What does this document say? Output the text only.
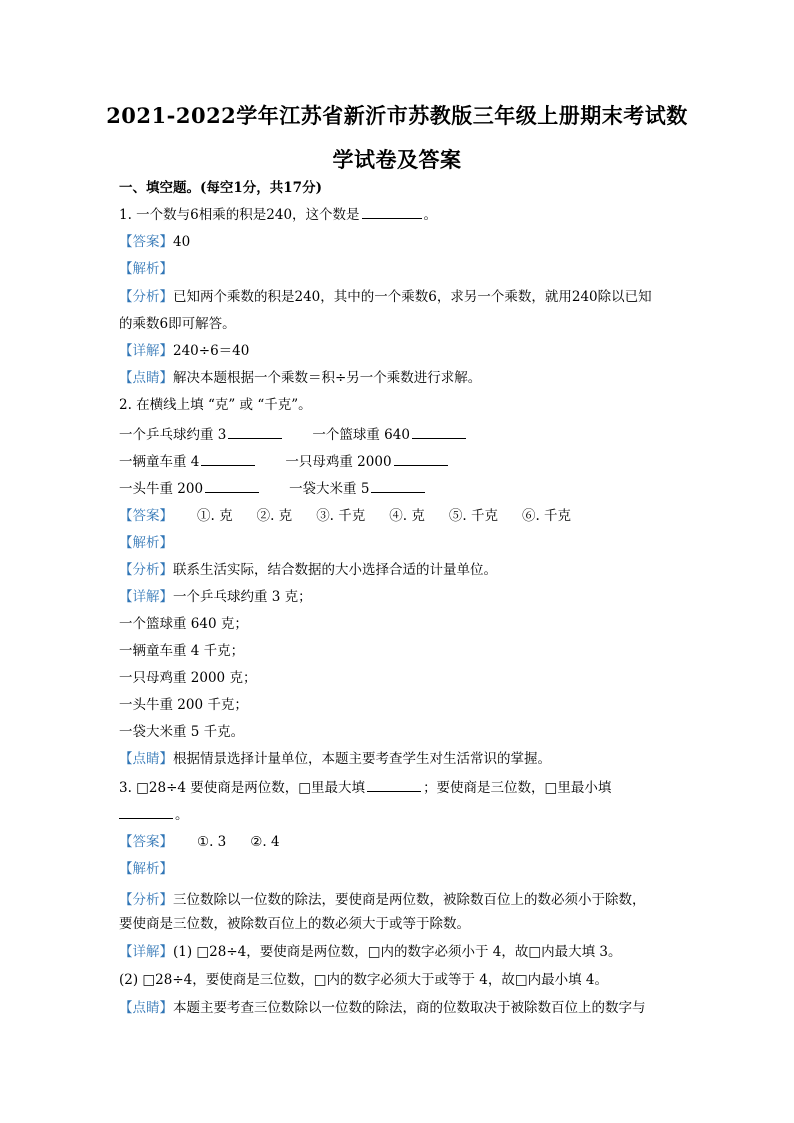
2021-2022学年江苏省新沂市苏教版三年级上册期末考试数
学试卷及答案
一、填空题。(每空1分，共17分)
1. 一个数与6相乘的积是240，这个数是	。
【答案】40
【解析】
【分析】已知两个乘数的积是240，其中的一个乘数6，求另一个乘数，就用240除以已知
的乘数6即可解答。
【详解】240÷6＝40
【点睛】解决本题根据一个乘数＝积÷另一个乘数进行求解。
2. 在横线上填 “克” 或 “千克”。
一个乒乓球约重 3	一个篮球重 640
一辆童车重 4	一只母鸡重 2000
一头牛重 200	一袋大米重 5
【答案】 ①. 克 ②. 克 ③. 千克 ④. 克 ⑤. 千克 ⑥. 千克
【解析】
【分析】联系生活实际，结合数据的大小选择合适的计量单位。
【详解】一个乒乓球约重 3 克；
一个篮球重 640 克；
一辆童车重 4 千克；
一只母鸡重 2000 克；
一头牛重 200 千克；
一袋大米重 5 千克。
【点睛】根据情景选择计量单位，本题主要考查学生对生活常识的掌握。
3. □28÷4 要使商是两位数，□里最大填	；要使商是三位数，□里最小填
。
【答案】 ①. 3 ②. 4
【解析】
【分析】三位数除以一位数的除法，要使商是两位数，被除数百位上的数必须小于除数，
要使商是三位数，被除数百位上的数必须大于或等于除数。
【详解】(1) □28÷4，要使商是两位数，□内的数字必须小于 4，故□内最大填 3。
(2) □28÷4，要使商是三位数，□内的数字必须大于或等于 4，故□内最小填 4。
【点睛】本题主要考查三位数除以一位数的除法，商的位数取决于被除数百位上的数字与
